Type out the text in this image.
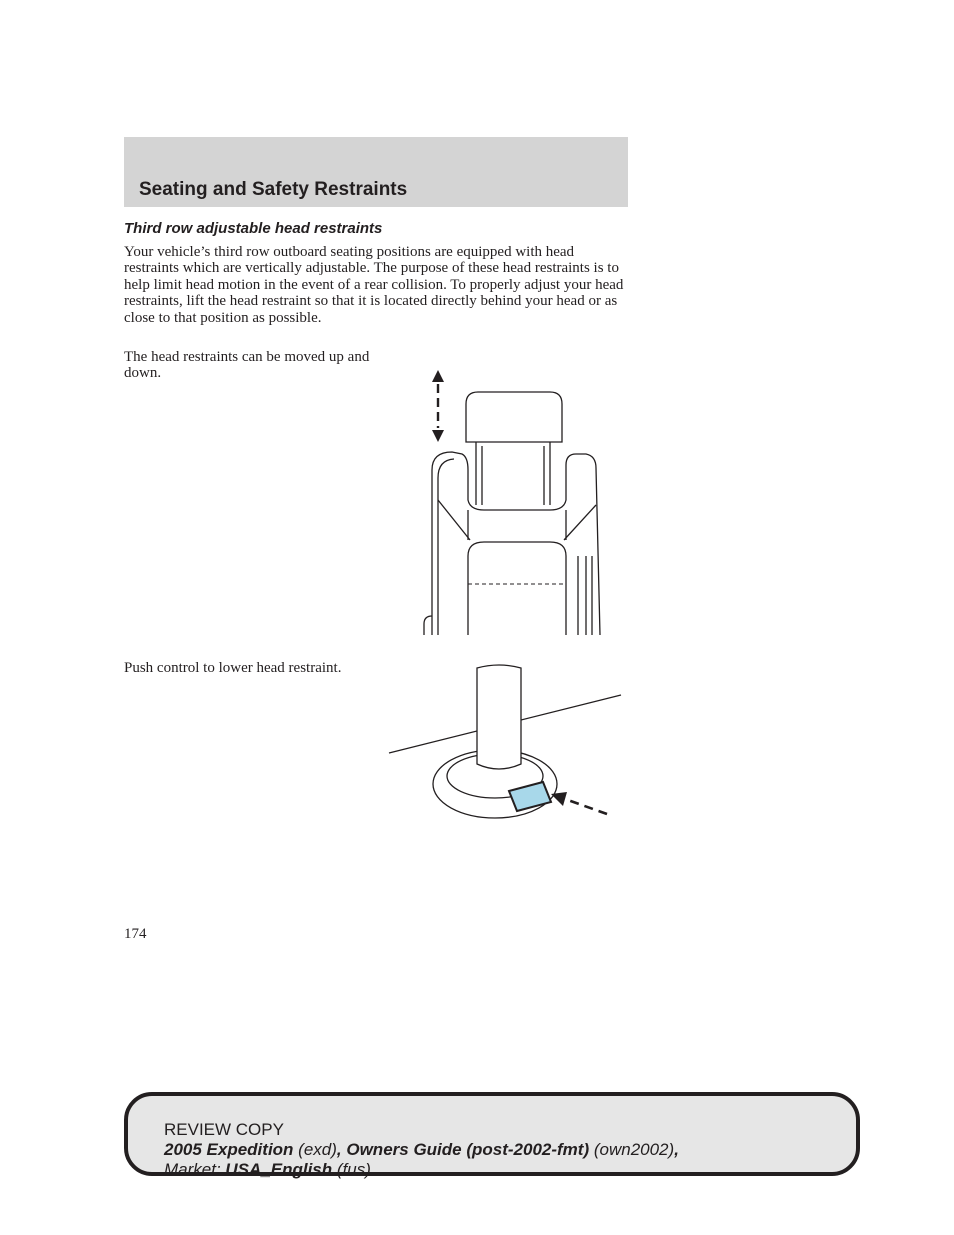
Seating and Safety Restraints
Third row adjustable head restraints

Your vehicle’s third row outboard seating positions are equipped with head restraints which are vertically adjustable. The purpose of these head restraints is to help limit head motion in the event of a rear collision. To properly adjust your head restraints, lift the head restraint so that it is located directly behind your head or as close to that position as possible.

The head restraints can be moved up and down.

Push control to lower head restraint.

174

REVIEW COPY
2005 Expedition (exd), Owners Guide (post-2002-fmt) (own2002),
Market: USA_English (fus)
